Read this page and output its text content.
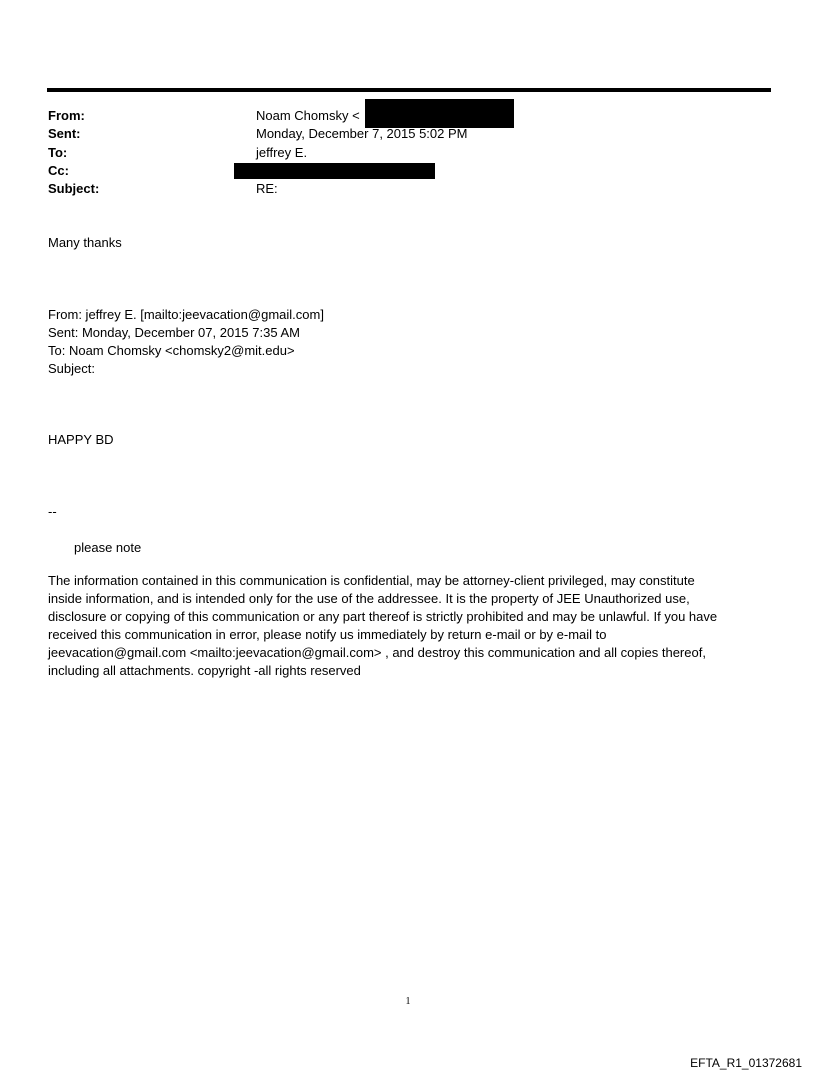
From:	Noam Chomsky <
Sent:	Monday, December 7, 2015 5:02 PM
To:	jeffrey E.
Cc:
Subject:	RE:
Many thanks
From: jeffrey E. [mailto:jeevacation@gmail.com]
Sent: Monday, December 07, 2015 7:35 AM
To: Noam Chomsky <chomsky2@mit.edu>
Subject:
HAPPY BD
--
please note
The information contained in this communication is confidential, may be attorney-client privileged, may constitute
inside information, and is intended only for the use of the addressee. It is the property of JEE Unauthorized use,
disclosure or copying of this communication or any part thereof is strictly prohibited and may be unlawful. If you have
received this communication in error, please notify us immediately by return e-mail or by e-mail to
jeevacation@gmail.com <mailto:jeevacation@gmail.com> , and destroy this communication and all copies thereof,
including all attachments. copyright -all rights reserved
1
EFTA_R1_01372681
